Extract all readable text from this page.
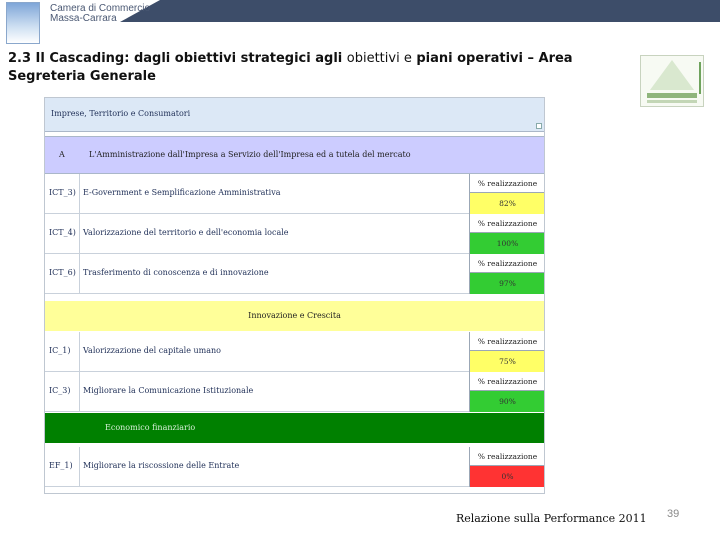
Camera di Commercio
Massa-Carrara
2.3 Il Cascading: dagli obiettivi strategici agli obiettivi e piani operativi – Area
Segreteria Generale
Imprese, Territorio e Consumatori
A	L'Amministrazione dall'Impresa a Servizio dell'Impresa ed a tutela del mercato
ICT_3) E-Government e Semplificazione Amministrativa
% realizzazione
82%
ICT_4) Valorizzazione del territorio e dell'economia locale
% realizzazione
100%
ICT_6) Trasferimento di conoscenza e di innovazione
% realizzazione
97%
Innovazione e Crescita
IC_1) Valorizzazione del capitale umano
% realizzazione
75%
IC_3) Migliorare la Comunicazione Istituzionale
% realizzazione
90%
Economico finanziario
EF_1) Migliorare la riscossione delle Entrate
% realizzazione
0%
Relazione sulla Performance 2011 39
